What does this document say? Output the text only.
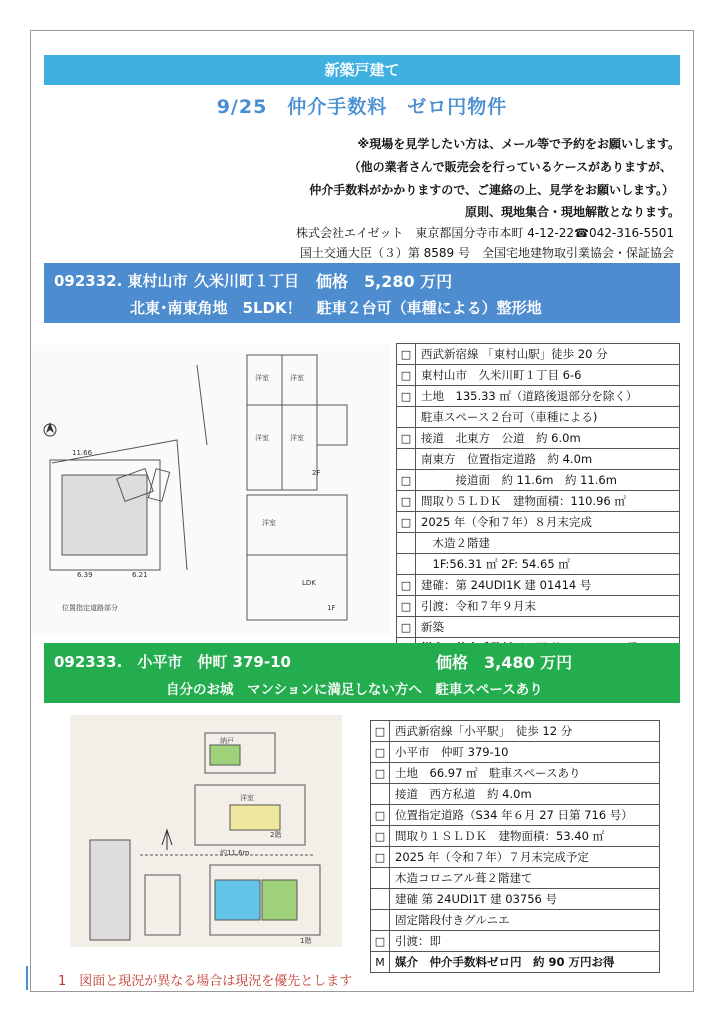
新築戸建て
9/25　仲介手数料　ゼロ円物件
※現場を見学したい方は、メール等で予約をお願いします。
（他の業者さんで販売会を行っているケースがありますが、
仲介手数料がかかりますので、ご連絡の上、見学をお願いします。）
原則、現地集合・現地解散となります。
株式会社エイゼット　東京都国分寺市本町 4-12-22☎042-316-5501
国土交通大臣（３）第 8589 号　全国宅地建物取引業協会・保証協会
092332. 東村山市 久米川町１丁目 価格　5,280 万円
北東･南東角地　5LDK！　駐車２台可（車種による）整形地
洋室	洋室
洋室	洋室
LDK
洋室
2F
1F
位置指定道路部分
11.66
6.39	6.21
□	西武新宿線 「東村山駅」徒歩 20 分
□	東村山市　久米川町１丁目 6-6
□	土地　135.33 ㎡（道路後退部分を除く）
	駐車スペース２台可（車種による)
□	接道　北東方　公道　約 6.0m
	南東方　位置指定道路　約 4.0m
□	　　　接道面　約 11.6m　約 11.6m
□	間取り５ＬＤＫ　建物面積：110.96 ㎡
□	2025 年（令和７年）８月末完成
	　木造２階建
	　1F:56.31 ㎡ 2F: 54.65 ㎡
□	建確：第 24UDI1K 建 01414 号
□	引渡：令和７年９月末
□	新築

092333.　小平市　仲町 379-10	価格　3,480 万円
自分のお城　マンションに満足しない方へ　駐車スペースあり
納戸
洋室
2階
1階
約11.6m
□	西武新宿線「小平駅」　徒歩 12 分
□	小平市　仲町 379-10
□	土地　66.97 ㎡　駐車スペースあり
	接道　西方私道　約 4.0m
□	位置指定道路（S34 年６月 27 日第 716 号）
□	間取り１ＳＬＤＫ　建物面積：53.40 ㎡
□	2025 年（令和７年）７月末完成予定
	木造コロニアル葺２階建て
	建確 第 24UDI1T 建 03756 号
	固定階段付きグルニエ
□	引渡：即
M	媒介　仲介手数料ゼロ円　約 90 万円お得
1　図面と現況が異なる場合は現況を優先とします
